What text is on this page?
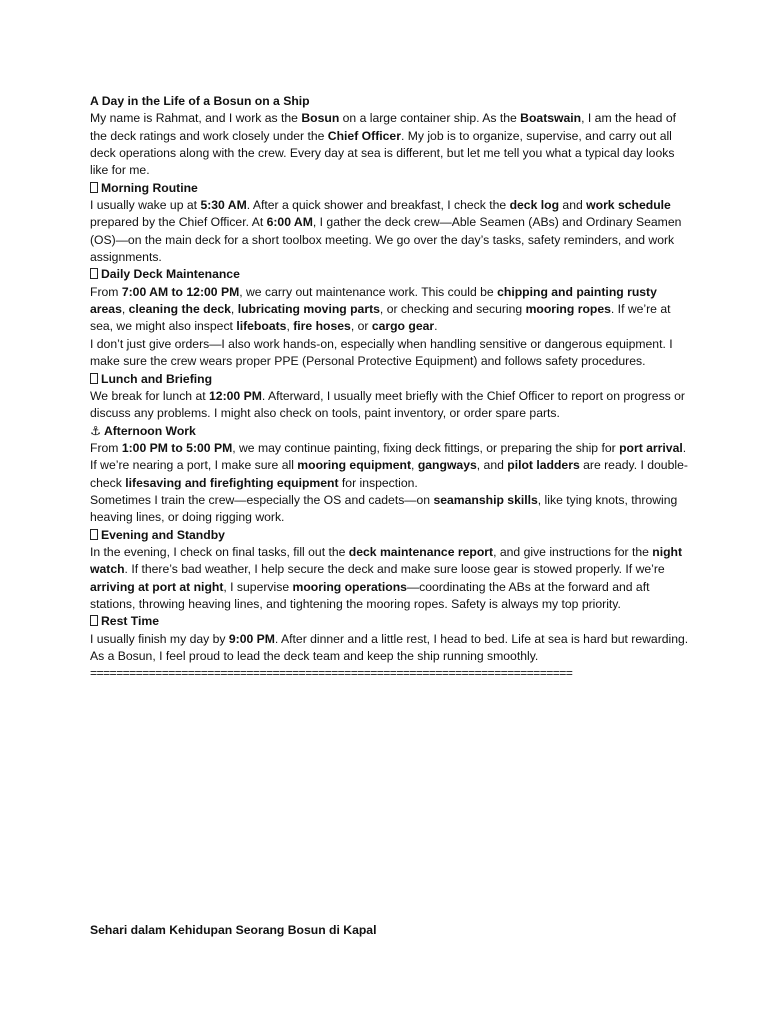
A Day in the Life of a Bosun on a Ship

My name is Rahmat, and I work as the Bosun on a large container ship. As the Boatswain, I am the head of the deck ratings and work closely under the Chief Officer. My job is to organize, supervise, and carry out all deck operations along with the crew. Every day at sea is different, but let me tell you what a typical day looks like for me.

Morning Routine

I usually wake up at 5:30 AM. After a quick shower and breakfast, I check the deck log and work schedule prepared by the Chief Officer. At 6:00 AM, I gather the deck crew—Able Seamen (ABs) and Ordinary Seamen (OS)—on the main deck for a short toolbox meeting. We go over the day’s tasks, safety reminders, and work assignments.

Daily Deck Maintenance

From 7:00 AM to 12:00 PM, we carry out maintenance work. This could be chipping and painting rusty areas, cleaning the deck, lubricating moving parts, or checking and securing mooring ropes. If we’re at sea, we might also inspect lifeboats, fire hoses, or cargo gear.

I don’t just give orders—I also work hands-on, especially when handling sensitive or dangerous equipment. I make sure the crew wears proper PPE (Personal Protective Equipment) and follows safety procedures.

Lunch and Briefing

We break for lunch at 12:00 PM. Afterward, I usually meet briefly with the Chief Officer to report on progress or discuss any problems. I might also check on tools, paint inventory, or order spare parts.

⚓ Afternoon Work

From 1:00 PM to 5:00 PM, we may continue painting, fixing deck fittings, or preparing the ship for port arrival. If we’re nearing a port, I make sure all mooring equipment, gangways, and pilot ladders are ready. I double-check lifesaving and firefighting equipment for inspection.

Sometimes I train the crew—especially the OS and cadets—on seamanship skills, like tying knots, throwing heaving lines, or doing rigging work.

Evening and Standby

In the evening, I check on final tasks, fill out the deck maintenance report, and give instructions for the night watch. If there’s bad weather, I help secure the deck and make sure loose gear is stowed properly. If we’re arriving at port at night, I supervise mooring operations—coordinating the ABs at the forward and aft stations, throwing heaving lines, and tightening the mooring ropes. Safety is always my top priority.

Rest Time

I usually finish my day by 9:00 PM. After dinner and a little rest, I head to bed. Life at sea is hard but rewarding. As a Bosun, I feel proud to lead the deck team and keep the ship running smoothly.

==========================================================================

Sehari dalam Kehidupan Seorang Bosun di Kapal
